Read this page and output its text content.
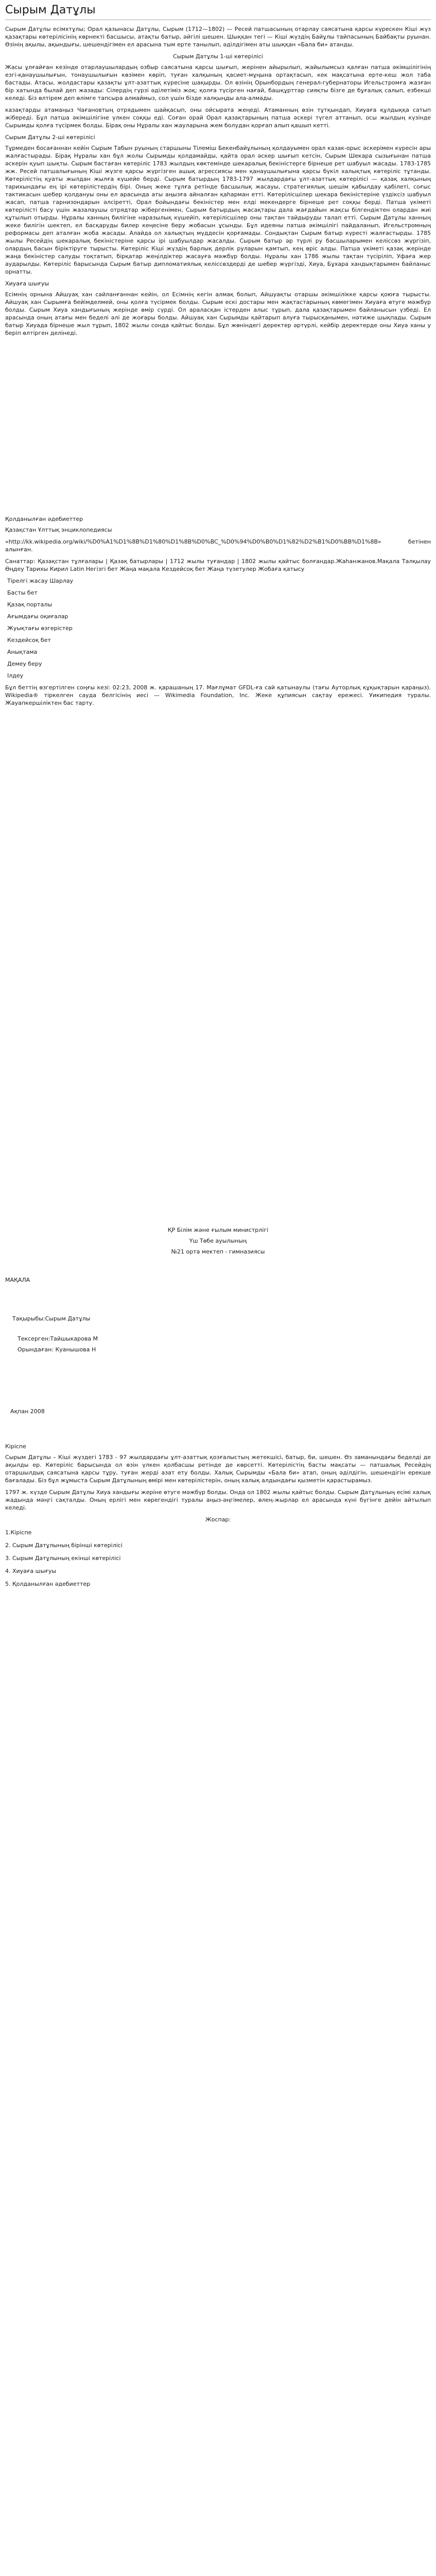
Сырым Датұлы

Сырым Датұлы есімхтұлы; Орал қазынасы Датұлы, Сырым (1712—1802) — Ресей патшасының отарлау саясатына қарсы күрескен Кіші жүз қазақтары көтерілісінің көрнекті басшысы, атақты батыр, әйгілі шешен. Шыққан тегі — Кіші жүздің Байұлы тайпасының Байбақты руынан. Өзінің ақылы, ақындығы, шешендігімен ел арасына тым ерте танылып, әділдігімен аты шыққан «Бала би» атанды.

Сырым Датұлы 1-ші көтерілісі

Жасы ұлғайған кезінде отарлаушылардың озбыр саясатына қарсы шығып, жерінен айырылып, жайылымсыз қалған патша әкімшілігінің езгі-қанаушылығын, тонаушылығын көзімен көріп, туған халқының қасиет-мұңына ортақтасып, кек мақсатына ерте-кеш жол таба бастады. Атасы, жолдастары қазақты ұлт-азаттық күресіне шақырды. Ол өзінің Орынбордың генерал-губернаторы Игельстромға жазған бір хатында былай деп жазады: Сілердің гүрзі әділетіміз жоқ; қолға түсірген нағай, башқұрттар сияқты бізге де бұғалық салып, езбекші келеді. Біз өлтірем деп өлімге тапсыра алмаймыз, сол үшін бізде халқыңды ала-алмады.

казақтарды атамаңыз Чағановтың отрядымен шайқасып, оны ойсырата жеңеді. Атаманның өзін тұтқындап, Хиуаға құлдыққа сатып жібереді. Бұл патша әкімшілігіне үлкен соққы еді. Соған орай Орал қазақтарының патша әскері түгел аттанып, осы жылдың күзінде Сырымды қолға түсірмек болды. Бірақ оны Нұралы хан жауларына жем болудан қорғап алып қашып кетті.

Сырым Датұлы 2-ші көтерілісі

Тұрмеден босағаннан кейін Сырым Табын руының старшыны Тілеміш Бекенбайұлының қолдауымен орал казак-орыс әскерімен күресін ары жалғастырады. Бірақ Нұралы хан бұл жолы Сырымды қолдамайды, қайта орал әскер шығып кетсін, Сырым Шекара сызығынан патша әскерін қуып шықты. Сырым бастаған көтеріліс 1783 жылдың көктемінде шекаралық бекіністерге бірнеше рет шабуыл жасады. 1783-1785 жж. Ресей патшалығының Кіші жүзге қарсы жүргізген ашық агрессиясы мен қанаушылығына қарсы бүкіл халықтық көтеріліс тұтанды. Көтерілістің қуаты жылдан жылға күшейе берді. Сырым батырдың 1783-1797 жылдардағы ұлт-азаттық көтерілісі — қазақ халқының тарихындағы ең ірі көтерілістердің бірі. Оның жеке тұлға ретінде басшылық жасауы, стратегиялық шешім қабылдау қабілеті, соғыс тактикасын шебер қолдануы оны ел арасында аты аңызға айналған қаһарман етті. Көтерілісшілер шекара бекіністеріне үздіксіз шабуыл жасап, патша гарнизондарын әлсіретті, Орал бойындағы бекіністер мен елді мекендерге бірнеше рет соққы берді. Патша үкіметі көтерілісті басу үшін жазалаушы отрядтар жібергенімен, Сырым батырдың жасақтары дала жағдайын жақсы білгендіктен олардан жиі құтылып отырды. Нұралы ханның билігіне наразылық күшейіп, көтерілісшілер оны тақтан тайдыруды талап етті. Сырым Датұлы ханның жеке билігін шектеп, ел басқаруды билер кеңесіне беру жобасын ұсынды. Бұл идеяны патша әкімшілігі пайдаланып, Игельстромның реформасы деп аталған жоба жасады. Алайда ол халықтың мүддесін қорғамады. Сондықтан Сырым батыр күресті жалғастырды. 1785 жылы Ресейдің шекаралық бекіністеріне қарсы ірі шабуылдар жасалды. Сырым батыр әр түрлі ру басшыларымен келіссөз жүргізіп, олардың басын біріктіруге тырысты. Көтеріліс Кіші жүздің барлық дерлік руларын қамтып, кең өріс алды. Патша үкіметі қазақ жерінде жаңа бекіністер салуды тоқтатып, бірқатар жеңілдіктер жасауға мәжбүр болды. Нұралы хан 1786 жылы тақтан түсіріліп, Уфаға жер аударылды. Көтеріліс барысында Сырым батыр дипломатиялық келіссөздерді де шебер жүргізді, Хиуа, Бұхара хандықтарымен байланыс орнатты.

Хиуаға шығуы

Есімнің орнына Айшуақ хан сайланғаннан кейін, ол Есімнің кегін алмақ болып, Айшуақты отаршы әкімшілікке қарсы қоюға тырысты. Айшуақ хан Сырымға бейімделмей, оны қолға түсірмек болды. Сырым ескі достары мен жақтастарының көмегімен Хиуаға өтуге мәжбүр болды. Сырым Хиуа хандығының жерінде өмір сүрді. Ол араласқан істерден алыс тұрып, дала қазақтарымен байланысын үзбеді. Ел арасында оның атағы мен беделі әлі де жоғары болды. Айшуақ хан Сырымды қайтарып алуға тырысқанымен, нәтиже шықпады. Сырым батыр Хиуада бірнеше жыл тұрып, 1802 жылы сонда қайтыс болды. Бұл жөніндегі деректер әртүрлі, кейбір деректерде оны Хиуа ханы у беріп өлтірген делінеді.

Қолданылған әдебиеттер

Қазақстан Ұлттық энциклопедиясы

«http://kk.wikipedia.org/wiki/%D0%A1%D1%8B%D1%80%D1%8B%D0%BC_%D0%94%D0%B0%D1%82%D2%B1%D0%BB%D1%8B» бетінен алынған.

Санаттар: Қазақстан тұлғалары | Қазақ батырлары | 1712 жылы туғандар | 1802 жылы қайтыс болғандар.Жаһанжанов.Мақала Талқылау Өңдеу Тарихы Кирил Latin Негізгі бет Жаңа мақала Кездейсоқ бет Жаңа түзетулер Жобаға қатысу

Тірелгі жасау Шарлау
Басты бет
Қазақ порталы
Ағымдағы оқиғалар
Жуықтағы өзгерістер
Кездейсоқ бет
Анықтама
Демеу беру
Ілдеу

Бұл беттің өзгертілген соңғы кезі: 02:23, 2008 ж. қарашаның 17. Мағлұмат GFDL-ға сай қатынаулы (тағы Ауторлық құқықтарын қараңыз). Wikipedia® тіркелген сауда белгісінің иесі — Wikimedia Foundation, Inc. Жеке құпиясын сақтау ережесі. Уикипедия туралы. Жауапкершіліктен бас тарту.

ҚР Білім және ғылым министрлігі
Үш Төбе ауылының
№21 орта мектеп - гимназиясы
МАҚАЛА
Тақырыбы:Сырым Датұлы
Тексерген:Тайшыкарова М
Орындаған: Куанышова Н
Ақпан 2008
Кіріспе

Сырым Датұлы – Кіші жүздегі 1783 - 97 жылдардағы ұлт-азаттық қозғалыстың жетекшісі, батыр, би, шешен. Өз заманындағы беделді де ақылды ер. Көтеріліс барысында ол өзін үлкен қолбасшы ретінде де көрсетті. Көтерілістің басты мақсаты — патшалық Ресейдің отаршылдық саясатына қарсы тұру, туған жерді азат ету болды. Халық Сырымды «Бала би» атап, оның әділдігін, шешендігін ерекше бағалады. Біз бұл жұмыста Сырым Датұлының өмірі мен көтерілістерін, оның халық алдындағы қызметін қарастырамыз.

1797 ж. күзде Сырым Датұлы Хиуа хандығы жеріне өтуге мәжбүр болды. Онда ол 1802 жылы қайтыс болды. Сырым Датұлының есімі халық жадында мәңгі сақталды. Оның ерлігі мен көрегендігі туралы аңыз-әңгімелер, өлең-жырлар ел арасында күні бүгінге дейін айтылып келеді.

Жоспар:
1.Кіріспе
2. Сырым Датұлының бірінші көтерілісі
3. Сырым Датұлының екінші көтерілісі
4. Хиуаға шығуы
5. Қолданылған әдебиеттер
